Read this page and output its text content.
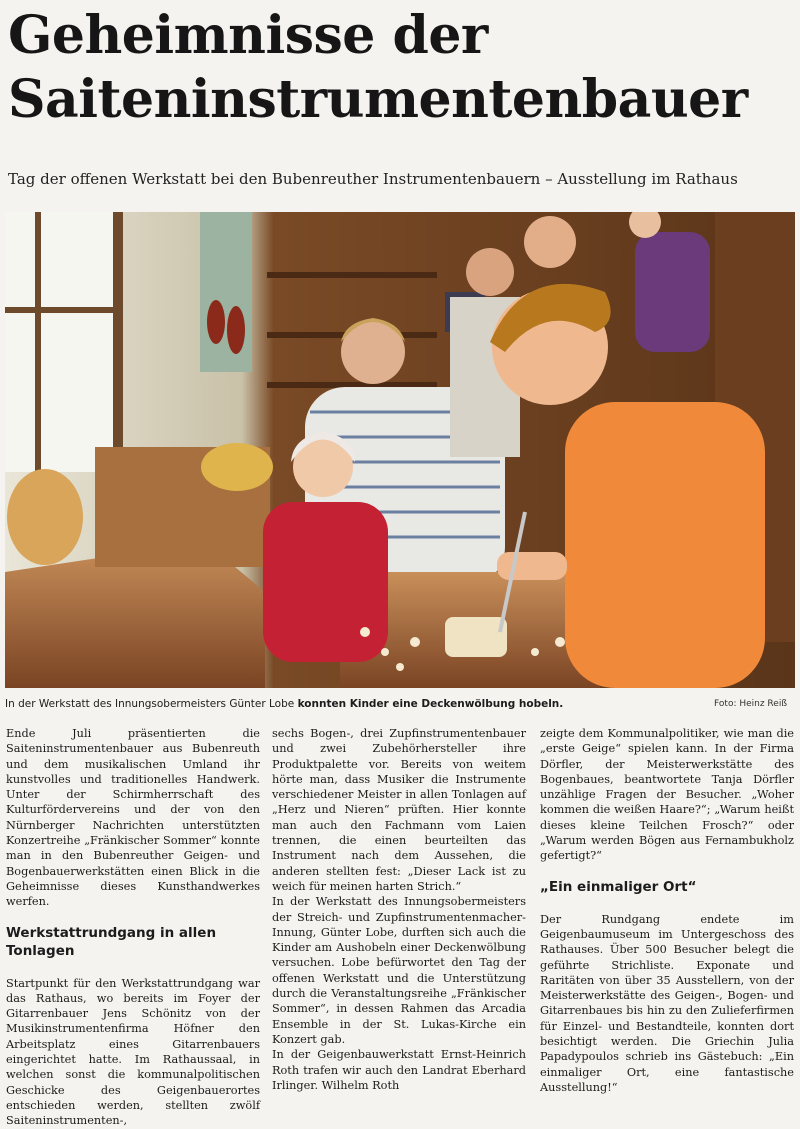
Geheimnisse der
Saiteninstrumentenbauer

Tag der offenen Werkstatt bei den Bubenreuther Instrumentenbauern – Ausstellung im Rathaus

In der Werkstatt des Innungsobermeisters Günter Lobe konnten Kinder eine Deckenwölbung hobeln.	Foto: Heinz Reiß

Ende Juli präsentierten die Saiteninstrumentenbauer aus Bubenreuth und dem musikalischen Umland ihr kunstvolles und traditionelles Handwerk. Unter der Schirmherrschaft des Kulturfördervereins und der von den Nürnberger Nachrichten unterstützten Konzertreihe „Fränkischer Sommer“ konnte man in den Bubenreuther Geigen- und Bogenbauerwerkstätten einen Blick in die Geheimnisse dieses Kunsthandwerkes werfen.

Werkstattrundgang in allen Tonlagen

Startpunkt für den Werkstattrundgang war das Rathaus, wo bereits im Foyer der Gitarrenbauer Jens Schönitz von der Musikinstrumentenfirma Höfner den Arbeitsplatz eines Gitarrenbauers eingerichtet hatte. Im Rathaussaal, in welchen sonst die kommunalpolitischen Geschicke des Geigenbauerortes entschieden werden, stellten zwölf Saiteninstrumenten-,

sechs Bogen-, drei Zupfinstrumentenbauer und zwei Zubehörhersteller ihre Produktpalette vor. Bereits von weitem hörte man, dass Musiker die Instrumente verschiedener Meister in allen Tonlagen auf „Herz und Nieren“ prüften. Hier konnte man auch den Fachmann vom Laien trennen, die einen beurteilten das Instrument nach dem Aussehen, die anderen stellten fest: „Dieser Lack ist zu weich für meinen harten Strich.“

In der Werkstatt des Innungsobermeisters der Streich- und Zupfinstrumentenmacher-Innung, Günter Lobe, durften sich auch die Kinder am Aushobeln einer Deckenwölbung versuchen. Lobe befürwortet den Tag der offenen Werkstatt und die Unterstützung durch die Veranstaltungsreihe „Fränkischer Sommer“, in dessen Rahmen das Arcadia Ensemble in der St. Lukas-Kirche ein Konzert gab.

In der Geigenbauwerkstatt Ernst-Heinrich Roth trafen wir auch den Landrat Eberhard Irlinger. Wilhelm Roth

zeigte dem Kommunalpolitiker, wie man die „erste Geige“ spielen kann. In der Firma Dörfler, der Meisterwerkstätte des Bogenbaues, beantwortete Tanja Dörfler unzählige Fragen der Besucher. „Woher kommen die weißen Haare?“; „Warum heißt dieses kleine Teilchen Frosch?“ oder „Warum werden Bögen aus Fernambukholz gefertigt?“

„Ein einmaliger Ort“

Der Rundgang endete im Geigenbaumuseum im Untergeschoss des Rathauses. Über 500 Besucher belegt die geführte Strichliste. Exponate und Raritäten von über 35 Ausstellern, von der Meisterwerkstätte des Geigen-, Bogen- und Gitarrenbaues bis hin zu den Zulieferfirmen für Einzel- und Bestandteile, konnten dort besichtigt werden. Die Griechin Julia Papadypoulos schrieb ins Gästebuch: „Ein einmaliger Ort, eine fantastische Ausstellung!“
